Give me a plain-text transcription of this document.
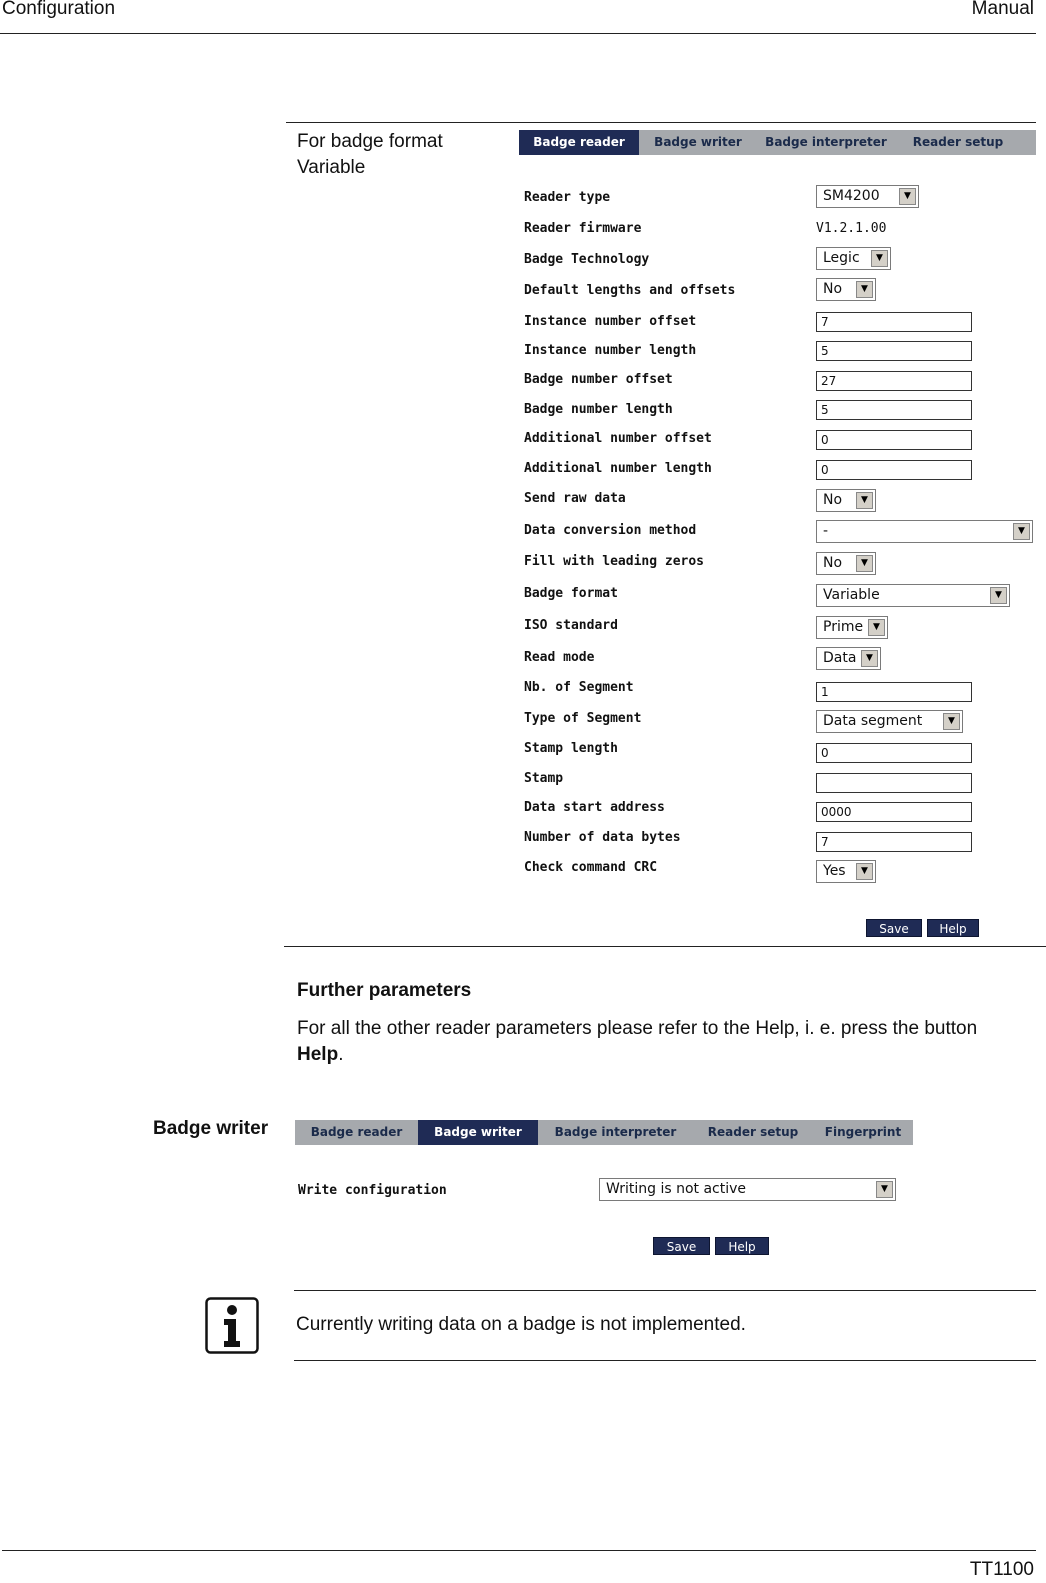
Configuration	Manual
For badge format
Variable
Badge reader	Badge writer	Badge interpreter	Reader setup
Reader type	SM4200	▼
Reader firmware	V1.2.1.00
Badge Technology	Legic	▼
Default lengths and offsets	No	▼
Instance number offset	7
Instance number length	5
Badge number offset	27
Badge number length	5
Additional number offset	0
Additional number length	0
Send raw data	No	▼
Data conversion method	-	▼
Fill with leading zeros	No	▼
Badge format	Variable	▼
ISO standard	Prime	▼
Read mode	Data	▼
Nb. of Segment	1
Type of Segment	Data segment	▼
Stamp length	0
Stamp
Data start address	0000
Number of data bytes	7
Check command CRC	Yes	▼
Save	Help
Further parameters
For all the other reader parameters please refer to the Help, i. e. press the button Help.
Badge writer	Badge reader	Badge writer	Badge interpreter	Reader setup	Fingerprint
Write configuration	Writing is not active	▼
Save	Help
Currently writing data on a badge is not implemented.
TT1100
